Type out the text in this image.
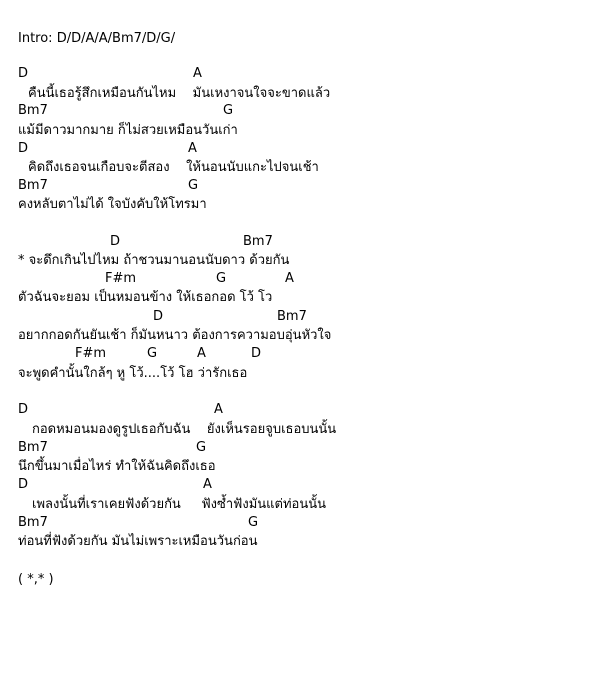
Intro: D/D/A/A/Bm7/D/G/
D	A
คืนนี้เธอรู้สึกเหมือนกันไหม    มันเหงาจนใจจะขาดแล้ว
Bm7	G
แม้มีดาวมากมาย ก็ไม่สวยเหมือนวันเก่า
D	A
คิดถึงเธอจนเกือบจะตีสอง    ให้นอนนับแกะไปจนเช้า
Bm7	G
คงหลับตาไม่ได้ ใจบังคับให้โทรมา
D	Bm7
* จะดึกเกินไปไหม ถ้าชวนมานอนนับดาว ด้วยกัน
F#m	G	A
ตัวฉันจะยอม เป็นหมอนข้าง ให้เธอกอด โว้ โว
D	Bm7
อยากกอดกันยันเช้า ก็มันหนาว ต้องการความอบอุ่นหัวใจ
F#m	G	A	D
จะพูดคำนั้นใกล้ๆ หู โว้....โว้ โฮ ว่ารักเธอ
D	A
กอดหมอนมองดูรูปเธอกับฉัน    ยังเห็นรอยจูบเธอบนนั้น
Bm7	G
นึกขึ้นมาเมื่อไหร่ ทำให้ฉันคิดถึงเธอ
D	A
เพลงนั้นที่เราเคยฟังด้วยกัน     ฟังซ้ำฟังมันแต่ท่อนนั้น
Bm7	G
ท่อนที่ฟังด้วยกัน มันไม่เพราะเหมือนวันก่อน
( *,* )
